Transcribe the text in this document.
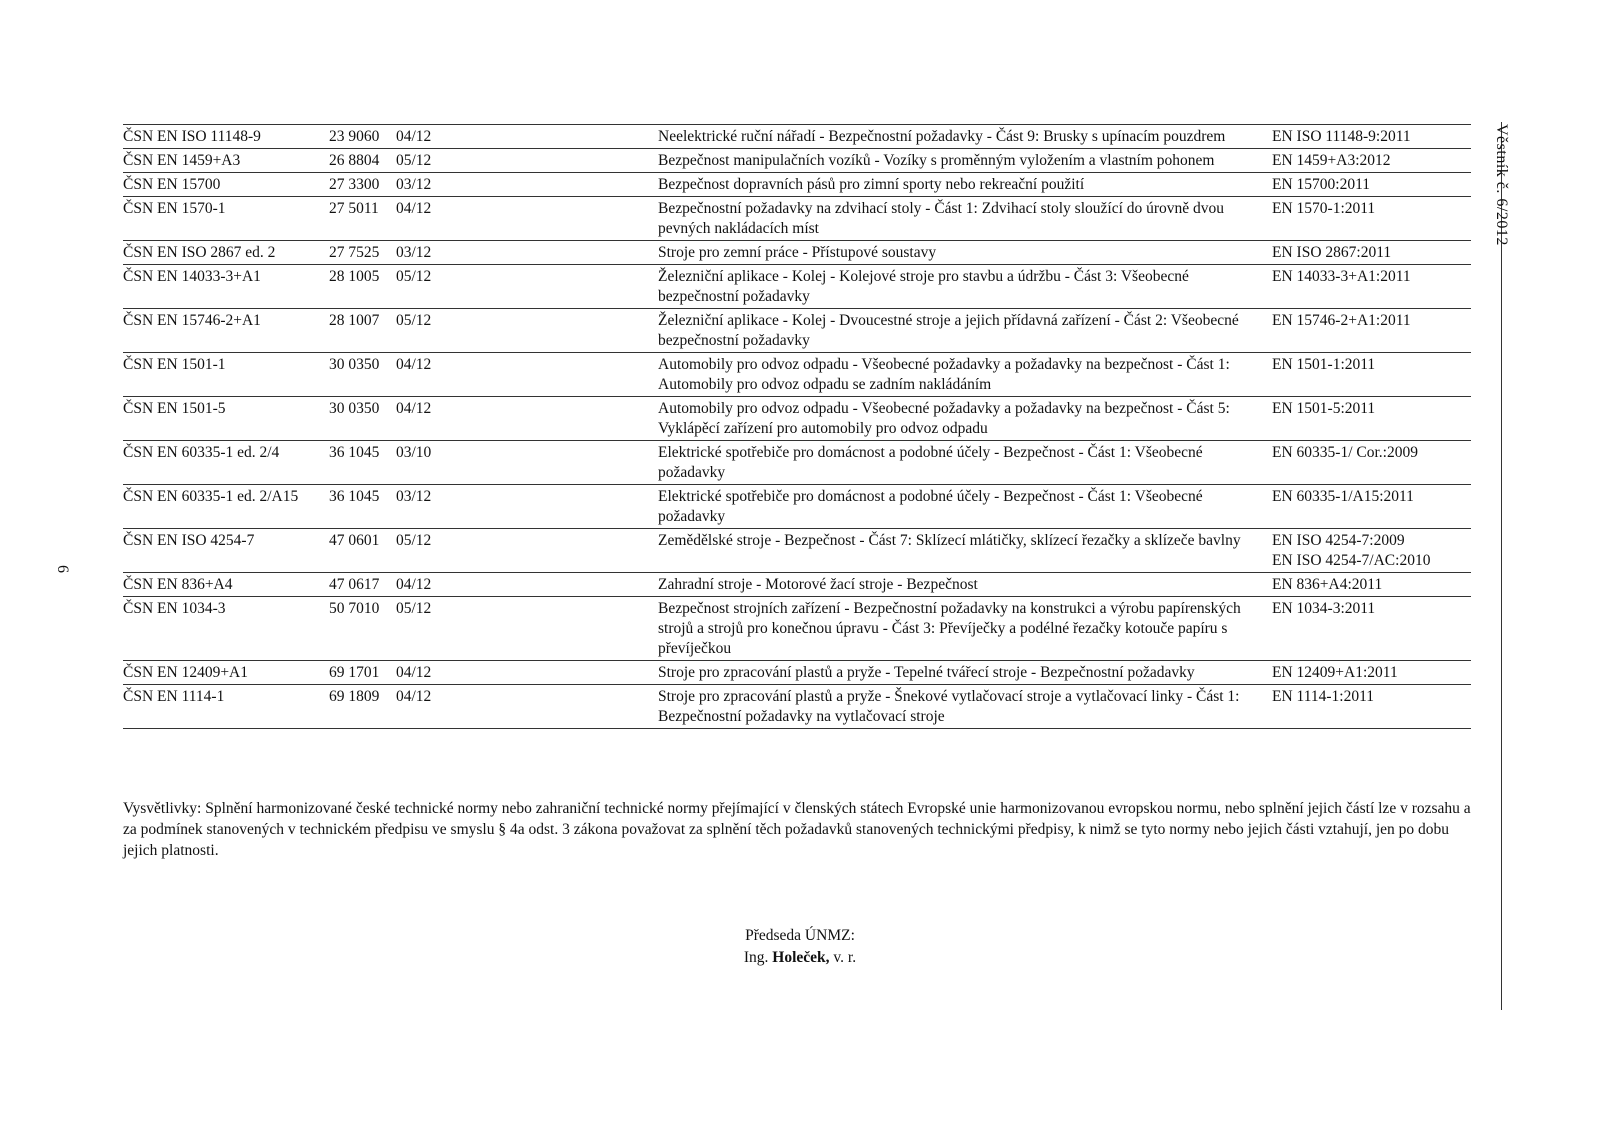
6
Věstník č. 6/2012
ČSN EN ISO 11148-9	23 9060	04/12	Neelektrické ruční nářadí - Bezpečnostní požadavky - Část 9: Brusky s upínacím pouzdrem	EN ISO 11148-9:2011

ČSN EN 1459+A3	26 8804	05/12	Bezpečnost manipulačních vozíků - Vozíky s proměnným vyložením a vlastním pohonem	EN 1459+A3:2012

ČSN EN 15700	27 3300	03/12	Bezpečnost dopravních pásů pro zimní sporty nebo rekreační použití	EN 15700:2011

ČSN EN 1570-1	27 5011	04/12	Bezpečnostní požadavky na zdvihací stoly - Část 1: Zdvihací stoly sloužící do úrovně dvou pevných nakládacích míst	EN 1570-1:2011

ČSN EN ISO 2867 ed. 2	27 7525	03/12	Stroje pro zemní práce - Přístupové soustavy	EN ISO 2867:2011

ČSN EN 14033-3+A1	28 1005	05/12	Železniční aplikace - Kolej - Kolejové stroje pro stavbu a údržbu - Část 3: Všeobecné bezpečnostní požadavky	EN 14033-3+A1:2011

ČSN EN 15746-2+A1	28 1007	05/12	Železniční aplikace - Kolej - Dvoucestné stroje a jejich přídavná zařízení - Část 2: Všeobecné bezpečnostní požadavky	EN 15746-2+A1:2011

ČSN EN 1501-1	30 0350	04/12	Automobily pro odvoz odpadu - Všeobecné požadavky a požadavky na bezpečnost - Část 1: Automobily pro odvoz odpadu se zadním nakládáním	EN 1501-1:2011

ČSN EN 1501-5	30 0350	04/12	Automobily pro odvoz odpadu - Všeobecné požadavky a požadavky na bezpečnost - Část 5: Vyklápěcí zařízení pro automobily pro odvoz odpadu	EN 1501-5:2011

ČSN EN 60335-1 ed. 2/4	36 1045	03/10	Elektrické spotřebiče pro domácnost a podobné účely - Bezpečnost - Část 1: Všeobecné požadavky	EN 60335-1/ Cor.:2009

ČSN EN 60335-1 ed. 2/A15	36 1045	03/12	Elektrické spotřebiče pro domácnost a podobné účely - Bezpečnost - Část 1: Všeobecné požadavky	EN 60335-1/A15:2011

ČSN EN ISO 4254-7	47 0601	05/12	Zemědělské stroje - Bezpečnost - Část 7: Sklízecí mlátičky, sklízecí řezačky a sklízeče bavlny	EN ISO 4254-7:2009
EN ISO 4254-7/AC:2010

ČSN EN 836+A4	47 0617	04/12	Zahradní stroje - Motorové žací stroje - Bezpečnost	EN 836+A4:2011

ČSN EN 1034-3	50 7010	05/12	Bezpečnost strojních zařízení - Bezpečnostní požadavky na konstrukci a výrobu papírenských strojů a strojů pro konečnou úpravu - Část 3: Převíječky a podélné řezačky kotouče papíru s převíječkou	EN 1034-3:2011

ČSN EN 12409+A1	69 1701	04/12	Stroje pro zpracování plastů a pryže - Tepelné tvářecí stroje - Bezpečnostní požadavky	EN 12409+A1:2011

ČSN EN 1114-1	69 1809	04/12	Stroje pro zpracování plastů a pryže - Šnekové vytlačovací stroje a vytlačovací linky - Část 1: Bezpečnostní požadavky na vytlačovací stroje	EN 1114-1:2011
Vysvětlivky: Splnění harmonizované české technické normy nebo zahraniční technické normy přejímající v členských státech Evropské unie harmonizovanou evropskou normu, nebo splnění jejich částí lze v rozsahu a za podmínek stanovených v technickém předpisu ve smyslu § 4a odst. 3 zákona považovat za splnění těch požadavků stanovených technickými předpisy, k nimž se tyto normy nebo jejich části vztahují, jen po dobu jejich platnosti.
Předseda ÚNMZ:
Ing. Holeček, v. r.
